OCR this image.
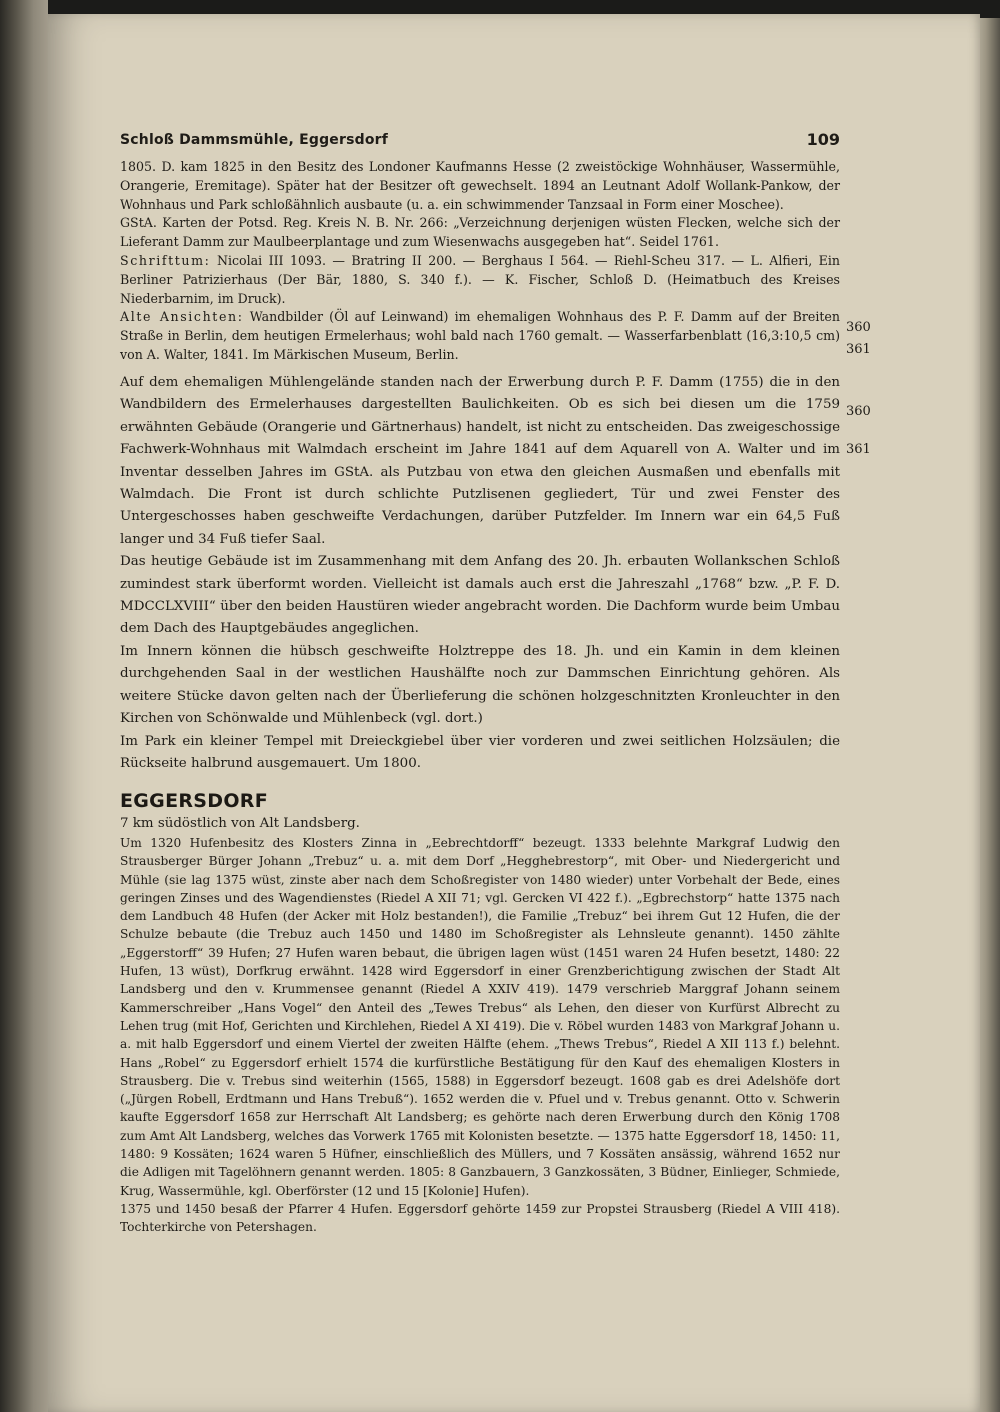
Schloß Dammsmühle, Eggersdorf	109

1805. D. kam 1825 in den Besitz des Londoner Kaufmanns Hesse (2 zweistöckige Wohnhäuser, Wassermühle, Orangerie, Eremitage). Später hat der Besitzer oft gewechselt. 1894 an Leutnant Adolf Wollank-Pankow, der Wohnhaus und Park schloßähnlich ausbaute (u. a. ein schwimmender Tanzsaal in Form einer Moschee).

GStA. Karten der Potsd. Reg. Kreis N. B. Nr. 266: „Verzeichnung derjenigen wüsten Flecken, welche sich der Lieferant Damm zur Maulbeerplantage und zum Wiesenwachs ausgegeben hat“. Seidel 1761.

Schrifttum: Nicolai III 1093. — Bratring II 200. — Berghaus I 564. — Riehl-Scheu 317. — L. Alfieri, Ein Berliner Patrizierhaus (Der Bär, 1880, S. 340 f.). — K. Fischer, Schloß D. (Heimatbuch des Kreises Niederbarnim, im Druck).

Alte Ansichten: Wandbilder (Öl auf Leinwand) im ehemaligen Wohnhaus des P. F. Damm auf der Breiten Straße in Berlin, dem heutigen Ermelerhaus; wohl bald nach 1760 gemalt. — Wasserfarbenblatt (16,3:10,5 cm) von A. Walter, 1841. Im Märkischen Museum, Berlin.

360
361
360
361

Auf dem ehemaligen Mühlengelände standen nach der Erwerbung durch P. F. Damm (1755) die in den Wandbildern des Ermelerhauses dargestellten Baulichkeiten. Ob es sich bei diesen um die 1759 erwähnten Gebäude (Orangerie und Gärtnerhaus) handelt, ist nicht zu entscheiden. Das zweigeschossige Fachwerk-Wohnhaus mit Walmdach erscheint im Jahre 1841 auf dem Aquarell von A. Walter und im Inventar desselben Jahres im GStA. als Putzbau von etwa den gleichen Ausmaßen und ebenfalls mit Walmdach. Die Front ist durch schlichte Putzlisenen gegliedert, Tür und zwei Fenster des Untergeschosses haben geschweifte Verdachungen, darüber Putzfelder. Im Innern war ein 64,5 Fuß langer und 34 Fuß tiefer Saal.

Das heutige Gebäude ist im Zusammenhang mit dem Anfang des 20. Jh. erbauten Wollankschen Schloß zumindest stark überformt worden. Vielleicht ist damals auch erst die Jahreszahl „1768“ bzw. „P. F. D. MDCCLXVIII“ über den beiden Haustüren wieder angebracht worden. Die Dachform wurde beim Umbau dem Dach des Hauptgebäudes angeglichen.

Im Innern können die hübsch geschweifte Holztreppe des 18. Jh. und ein Kamin in dem kleinen durchgehenden Saal in der westlichen Haushälfte noch zur Dammschen Einrichtung gehören. Als weitere Stücke davon gelten nach der Überlieferung die schönen holzgeschnitzten Kronleuchter in den Kirchen von Schönwalde und Mühlenbeck (vgl. dort.)

Im Park ein kleiner Tempel mit Dreieckgiebel über vier vorderen und zwei seitlichen Holzsäulen; die Rückseite halbrund ausgemauert. Um 1800.

EGGERSDORF

7 km südöstlich von Alt Landsberg.

Um 1320 Hufenbesitz des Klosters Zinna in „Eebrechtdorff“ bezeugt. 1333 belehnte Markgraf Ludwig den Strausberger Bürger Johann „Trebuz“ u. a. mit dem Dorf „Hegghebrestorp“, mit Ober- und Niedergericht und Mühle (sie lag 1375 wüst, zinste aber nach dem Schoßregister von 1480 wieder) unter Vorbehalt der Bede, eines geringen Zinses und des Wagendienstes (Riedel A XII 71; vgl. Gercken VI 422 f.). „Egbrechstorp“ hatte 1375 nach dem Landbuch 48 Hufen (der Acker mit Holz bestanden!), die Familie „Trebuz“ bei ihrem Gut 12 Hufen, die der Schulze bebaute (die Trebuz auch 1450 und 1480 im Schoßregister als Lehnsleute genannt). 1450 zählte „Eggerstorff“ 39 Hufen; 27 Hufen waren bebaut, die übrigen lagen wüst (1451 waren 24 Hufen besetzt, 1480: 22 Hufen, 13 wüst), Dorfkrug erwähnt. 1428 wird Eggersdorf in einer Grenzberichtigung zwischen der Stadt Alt Landsberg und den v. Krummensee genannt (Riedel A XXIV 419). 1479 verschrieb Marggraf Johann seinem Kammerschreiber „Hans Vogel“ den Anteil des „Tewes Trebus“ als Lehen, den dieser von Kurfürst Albrecht zu Lehen trug (mit Hof, Gerichten und Kirchlehen, Riedel A XI 419). Die v. Röbel wurden 1483 von Markgraf Johann u. a. mit halb Eggersdorf und einem Viertel der zweiten Hälfte (ehem. „Thews Trebus“, Riedel A XII 113 f.) belehnt. Hans „Robel“ zu Eggersdorf erhielt 1574 die kurfürstliche Bestätigung für den Kauf des ehemaligen Klosters in Strausberg. Die v. Trebus sind weiterhin (1565, 1588) in Eggersdorf bezeugt. 1608 gab es drei Adelshöfe dort („Jürgen Robell, Erdtmann und Hans Trebuß“). 1652 werden die v. Pfuel und v. Trebus genannt. Otto v. Schwerin kaufte Eggersdorf 1658 zur Herrschaft Alt Landsberg; es gehörte nach deren Erwerbung durch den König 1708 zum Amt Alt Landsberg, welches das Vorwerk 1765 mit Kolonisten besetzte. — 1375 hatte Eggersdorf 18, 1450: 11, 1480: 9 Kossäten; 1624 waren 5 Hüfner, einschließlich des Müllers, und 7 Kossäten ansässig, während 1652 nur die Adligen mit Tagelöhnern genannt werden. 1805: 8 Ganzbauern, 3 Ganzkossäten, 3 Büdner, Einlieger, Schmiede, Krug, Wassermühle, kgl. Oberförster (12 und 15 [Kolonie] Hufen).

1375 und 1450 besaß der Pfarrer 4 Hufen. Eggersdorf gehörte 1459 zur Propstei Strausberg (Riedel A VIII 418). Tochterkirche von Petershagen.
